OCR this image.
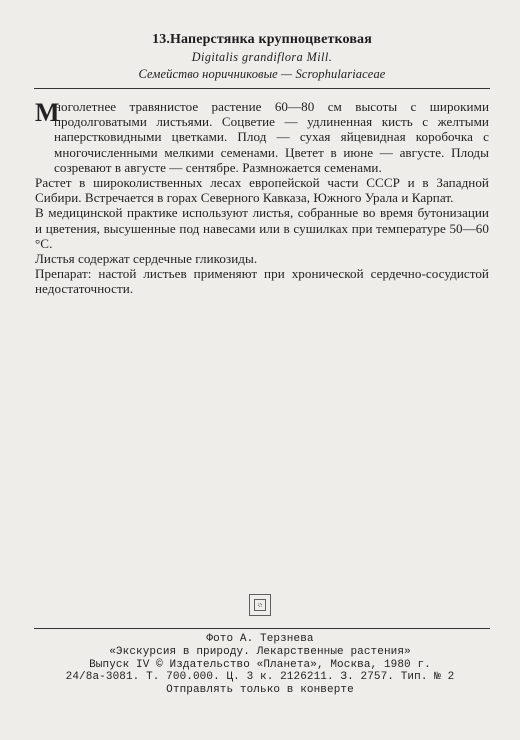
13.Наперстянка крупноцветковая
Digitalis grandiflora Mill.
Семейство норичниковые — Scrophulariaceae
М

ноголетнее травянистое растение 60—80 см высоты с широкими продолговатыми листьями. Соцветие — удлиненная кисть с желтыми наперстковидными цветками. Плод — сухая яйцевидная коробочка с многочисленными мелкими семенами. Цветет в июне — августе. Плоды созревают в августе — сентябре. Размножается семенами.

Растет в широколиственных лесах европейской части СССР и в Западной Сибири. Встречается в горах Северного Кавказа, Южного Урала и Карпат.

В медицинской практике используют листья, собранные во время бутонизации и цветения, высушенные под навесами или в сушилках при температуре 50—60 °С.

Листья содержат сердечные гликозиды.

Препарат: настой листьев применяют при хронической сердечно-сосудистой недостаточности.

Фото А. Терзнева
«Экскурсия в природу. Лекарственные растения»
Выпуск IV © Издательство «Планета», Москва, 1980 г.
24/8а-3081. Т. 700.000. Ц. 3 к. 2126211. З. 2757. Тип. № 2
Отправлять только в конверте
